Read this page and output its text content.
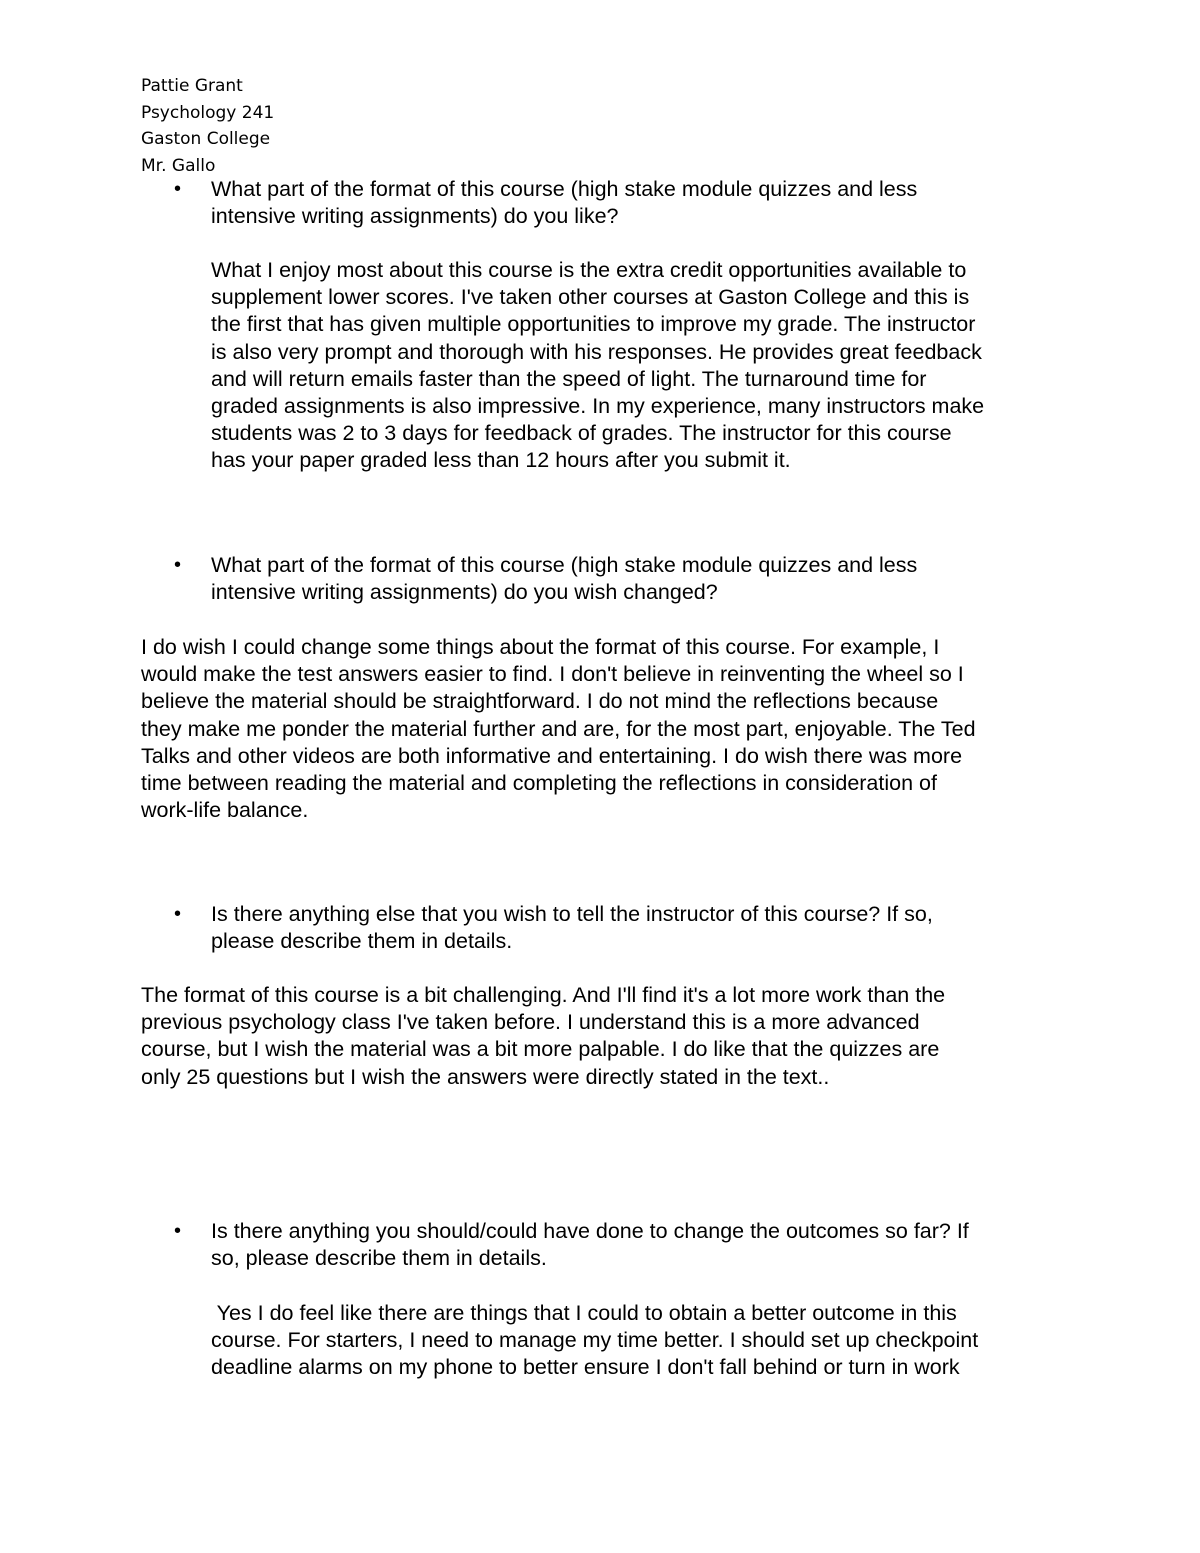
Pattie Grant
Psychology 241
Gaston College
Mr. Gallo
• What part of the format of this course (high stake module quizzes and less
intensive writing assignments) do you like?
What I enjoy most about this course is the extra credit opportunities available to
supplement lower scores. I've taken other courses at Gaston College and this is
the first that has given multiple opportunities to improve my grade. The instructor
is also very prompt and thorough with his responses. He provides great feedback
and will return emails faster than the speed of light. The turnaround time for
graded assignments is also impressive. In my experience, many instructors make
students was 2 to 3 days for feedback of grades. The instructor for this course
has your paper graded less than 12 hours after you submit it.
• What part of the format of this course (high stake module quizzes and less
intensive writing assignments) do you wish changed?
I do wish I could change some things about the format of this course. For example, I
would make the test answers easier to find. I don't believe in reinventing the wheel so I
believe the material should be straightforward. I do not mind the reflections because
they make me ponder the material further and are, for the most part, enjoyable. The Ted
Talks and other videos are both informative and entertaining. I do wish there was more
time between reading the material and completing the reflections in consideration of
work-life balance.
• Is there anything else that you wish to tell the instructor of this course? If so,
please describe them in details.
The format of this course is a bit challenging. And I'll find it's a lot more work than the
previous psychology class I've taken before. I understand this is a more advanced
course, but I wish the material was a bit more palpable. I do like that the quizzes are
only 25 questions but I wish the answers were directly stated in the text..
• Is there anything you should/could have done to change the outcomes so far? If
so, please describe them in details.
Yes I do feel like there are things that I could to obtain a better outcome in this
course. For starters, I need to manage my time better. I should set up checkpoint
deadline alarms on my phone to better ensure I don't fall behind or turn in work
